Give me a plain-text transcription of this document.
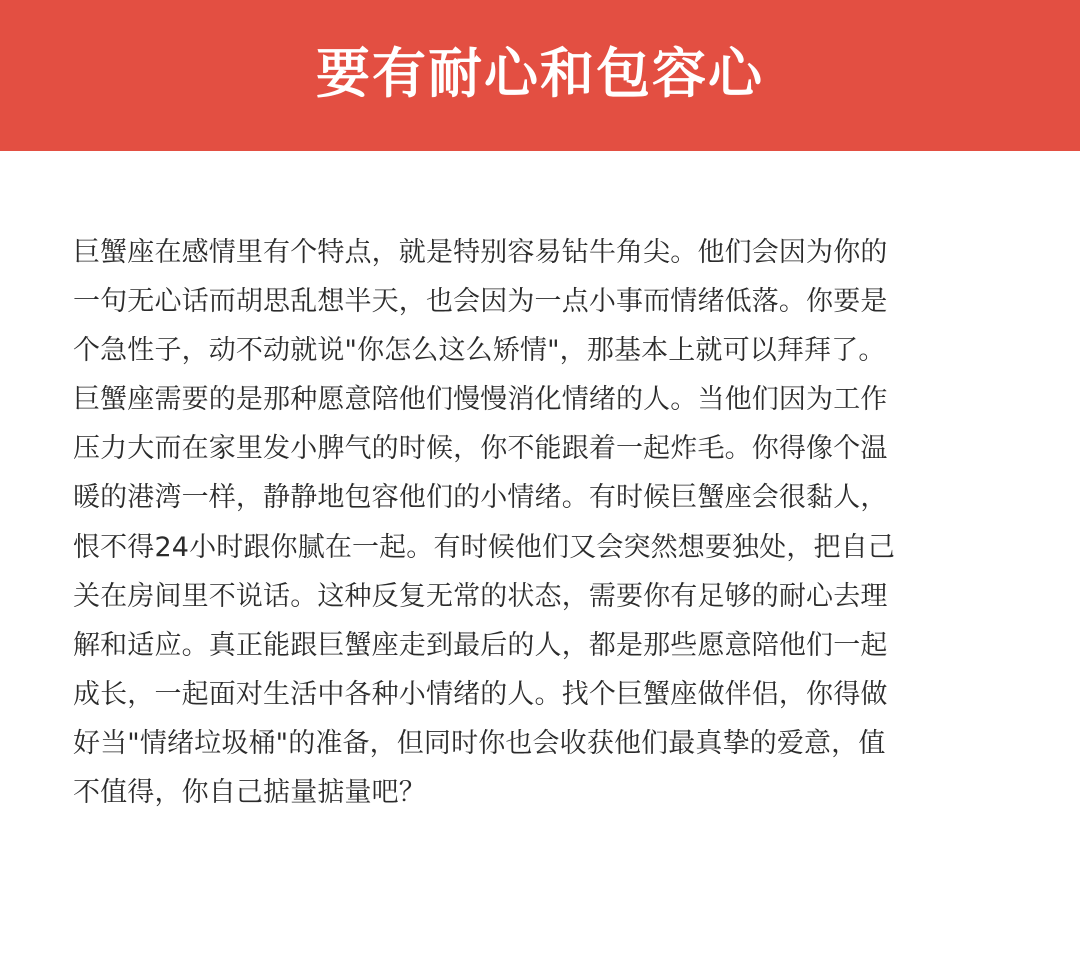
要有耐心和包容心
巨蟹座在感情里有个特点，就是特别容易钻牛角尖。他们会因为你的
一句无心话而胡思乱想半天，也会因为一点小事而情绪低落。你要是
个急性子，动不动就说"你怎么这么矫情"，那基本上就可以拜拜了。
巨蟹座需要的是那种愿意陪他们慢慢消化情绪的人。当他们因为工作
压力大而在家里发小脾气的时候，你不能跟着一起炸毛。你得像个温
暖的港湾一样，静静地包容他们的小情绪。有时候巨蟹座会很黏人，
恨不得24小时跟你腻在一起。有时候他们又会突然想要独处，把自己
关在房间里不说话。这种反复无常的状态，需要你有足够的耐心去理
解和适应。真正能跟巨蟹座走到最后的人，都是那些愿意陪他们一起
成长，一起面对生活中各种小情绪的人。找个巨蟹座做伴侣，你得做
好当"情绪垃圾桶"的准备，但同时你也会收获他们最真挚的爱意，值
不值得，你自己掂量掂量吧？
